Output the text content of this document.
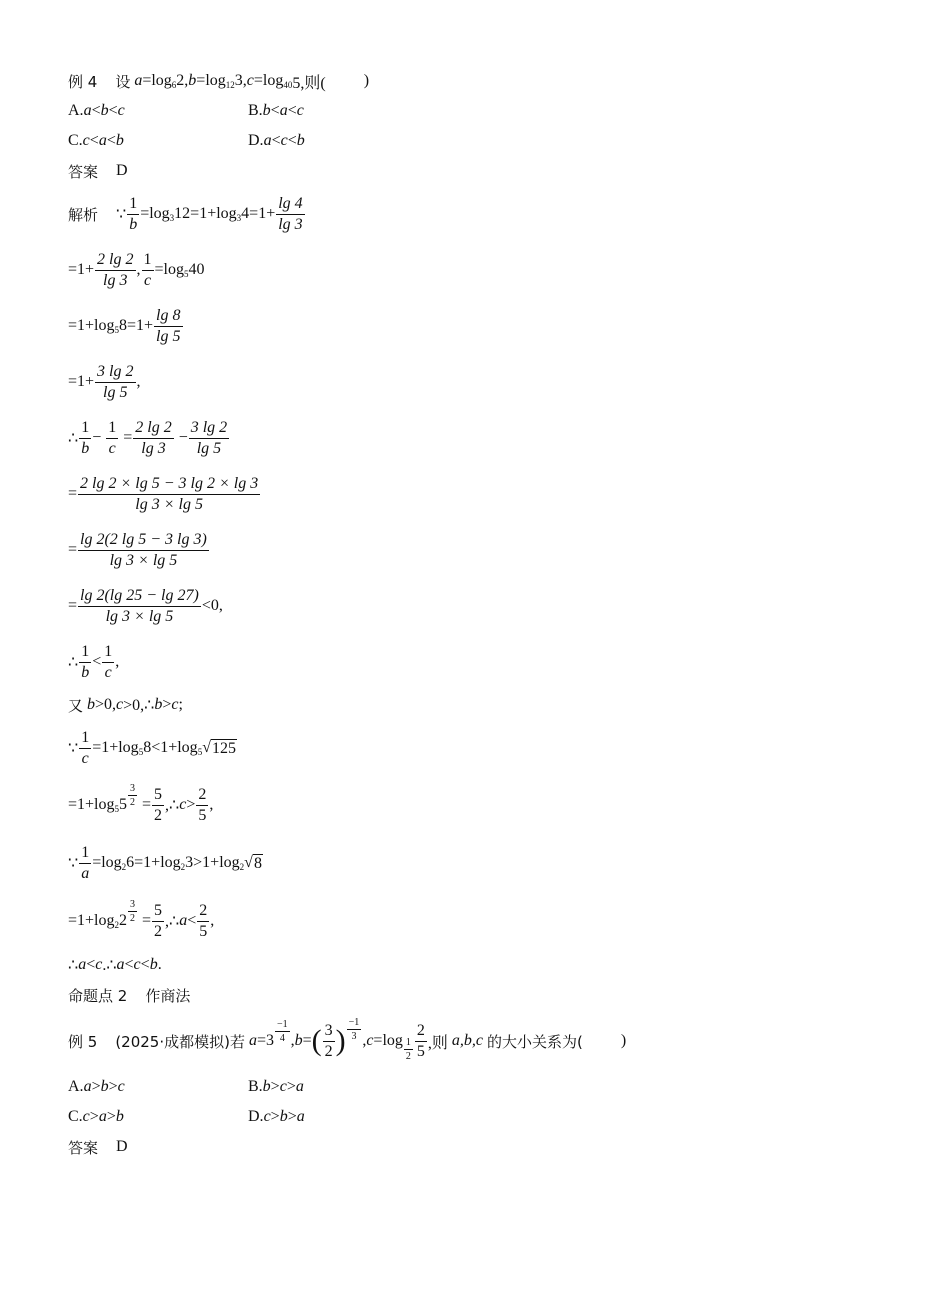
例 4 设
a =log 6 2, b =log 12 3, c =log 40 5,则( )
A.a<b<c	B.b<a<c
C.c<a<b	D.a<c<b
答案 D
解析 ∵ $\frac{1}{b} =\log$ 3 12=1+log 3 $4=1+ \frac{\lg 4}{\lg 3}$
$=1+ \frac{2 \lg 2}{\lg 3}$ , $\frac{1}{c} =\log$ 5 40
=1+log 5 $8=1+ \frac{\lg 8}{\lg 5}$
$=1+ \frac{3 \lg 2}{\lg 5}$ ,
∴ $\frac{1}{b}$ −
$\frac{1}{c}$
= $\frac{2 \lg 2}{\lg 3}$
− $\frac{3 \lg 2}{\lg 5}$
= $\frac{2 \lg 2 \times \lg 5 - 3 \lg 2 \times \lg 3}{\lg 3 \times \lg 5}$
= $\frac{\lg 2(2 \lg 5 - 3 \lg 3)}{\lg 3 \times \lg 5}$
= $\frac{\lg 2(\lg 25 - \lg 27)}{\lg 3 \times \lg 5} <0$,
∴ $\frac{1}{b} < \frac{1}{c}$ ,
又
b >0, c >0,∴ b > c ;
∵ $\frac{1}{c} =1+\log$ 5 8<1+log 5 √ 125
=1+log 5 $5 \frac{3}{2}$
= $\frac{5}{2}$ ,∴ $c > \frac{2}{5}$ ,
∵ $\frac{1}{a} =\log$ 2 6=1+log 2 3>1+log 2 √ 8
=1+log 2 $2 \frac{3}{2}$
= $\frac{5}{2}$ ,∴ $a < \frac{2}{5}$ ,
∴ a < c .∴ a < c < b .
命题点 2 作商法
例 5 (2025·成都模拟)若
$a = 3 \frac{-1}{4}$ , b = ( $\frac{3}{2}$ ) $\frac{-1}{3}$ , $c =\log \frac{1}{2} \frac{2}{5}$ ,则
a,b,c
的大小关系为( )
A.a>b>c	B.b>c>a
C.c>a>b	D.c>b>a
答案 D
